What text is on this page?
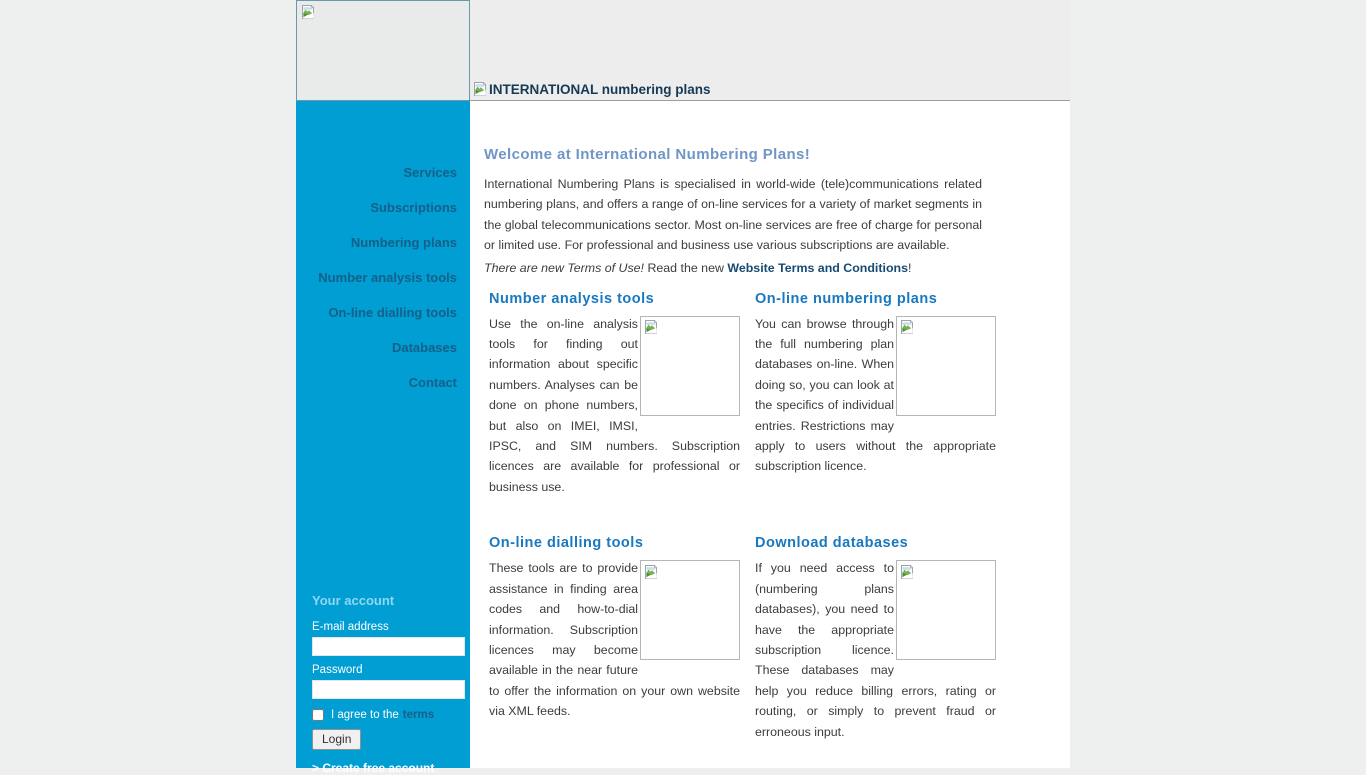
INTERNATIONAL numbering plans
Services
Subscriptions
Numbering plans
Number analysis tools
On-line dialling tools
Databases
Contact
Your account
E-mail address
Password
I agree to the terms
Login
> Create free account
Welcome at International Numbering Plans!

International Numbering Plans is specialised in world-wide (tele)communications related numbering plans, and offers a range of on-line services for a variety of market segments in the global telecommunications sector. Most on-line services are free of charge for personal or limited use. For professional and business use various subscriptions are available.

There are new Terms of Use! Read the new Website Terms and Conditions!

Number analysis tools
Use the on-line analysis tools for finding out information about specific numbers. Analyses can be done on phone numbers, but also on IMEI, IMSI, IPSC, and SIM numbers. Subscription licences are available for professional or business use.
On-line numbering plans
You can browse through the full numbering plan databases on-line. When doing so, you can look at the specifics of individual entries. Restrictions may apply to users without the appropriate subscription licence.
On-line dialling tools
These tools are to provide assistance in finding area codes and how-to-dial information. Subscription licences may become available in the near future to offer the information on your own website via XML feeds.
Download databases
If you need access to (numbering plans databases), you need to have the appropriate subscription licence. These databases may help you reduce billing errors, rating or routing, or simply to prevent fraud or erroneous input.
